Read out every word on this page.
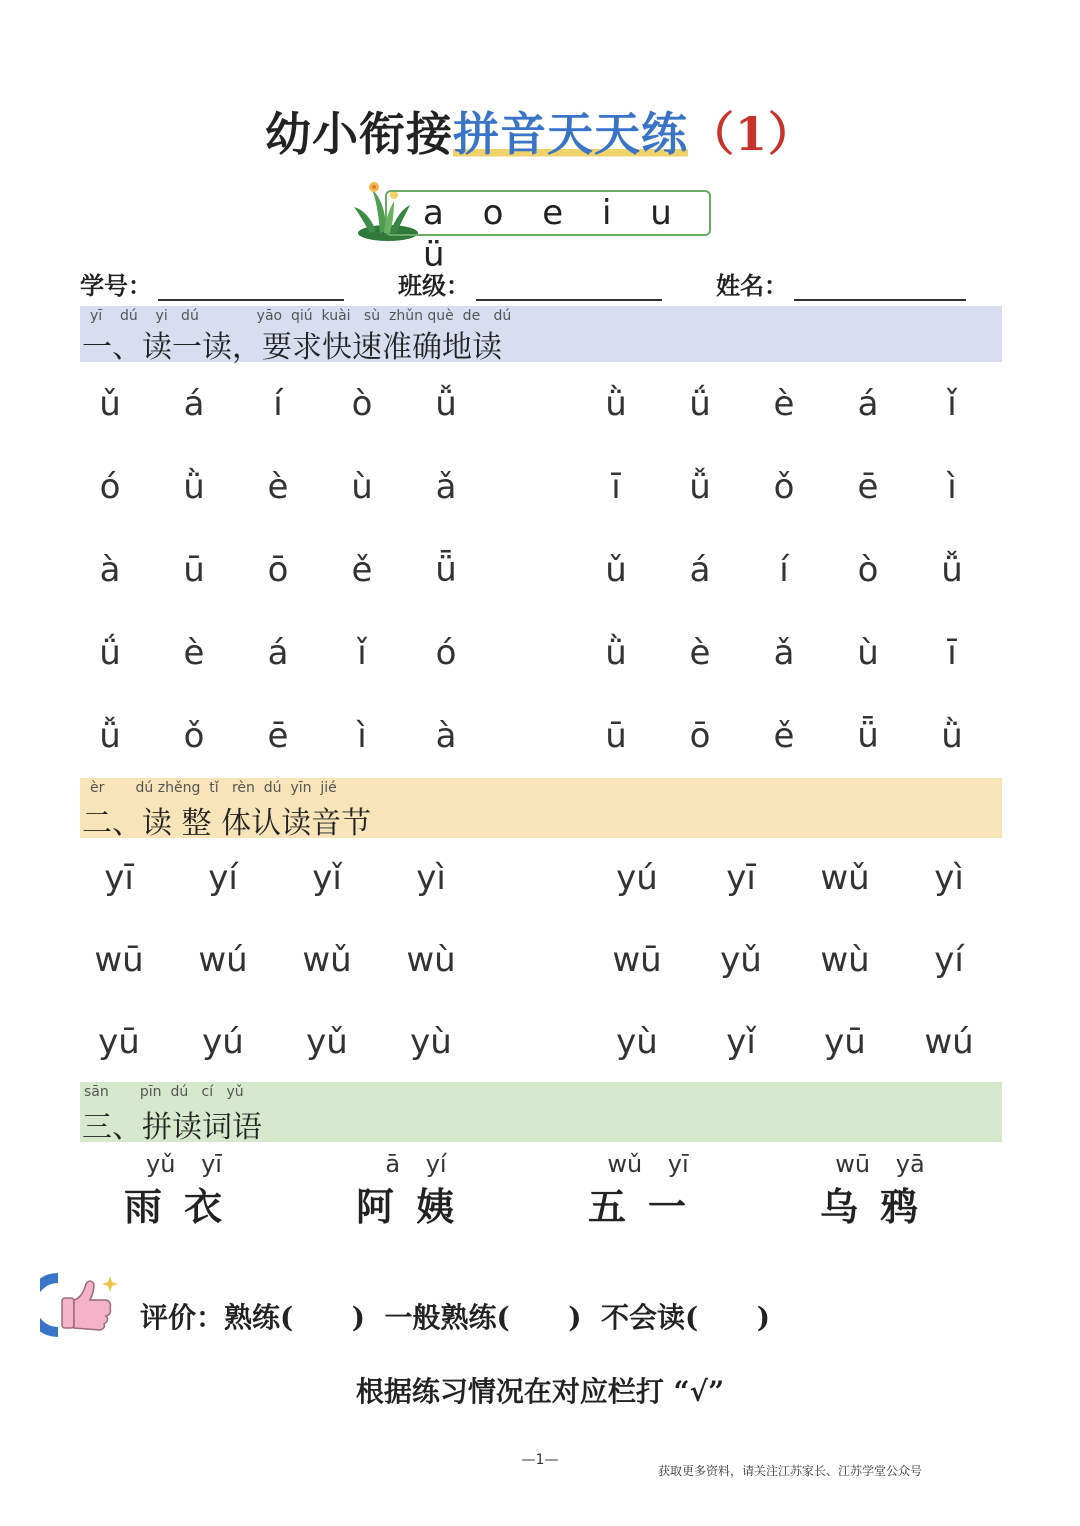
幼小衔接拼音天天练（1）
a o e i u ü
学号：	班级：	姓名：
yī    dú    yi   dú             yāo  qiú  kuài   sù  zhǔn què  de   dú
一、读一读，要求快速准确地读
ǔ	á	í	ò	ǚ	ǜ	ǘ	è	á	ǐ
ó	ǜ	è	ù	ǎ	ī	ǚ	ǒ	ē	ì
à	ū	ō	ě	ǖ	ǔ	á	í	ò	ǚ
ǘ	è	á	ǐ	ó	ǜ	è	ǎ	ù	ī
ǚ	ǒ	ē	ì	à	ū	ō	ě	ǖ	ǜ
èr       dú zhěng  tǐ   rèn  dú  yīn  jié
二、读 整 体认读音节
yī	yí	yǐ	yì	yú	yī	wǔ	yì
wū	wú	wǔ	wù	wū	yǔ	wù	yí
yū	yú	yǔ	yù	yù	yǐ	yū	wú
sān       pīn  dú   cí   yǔ
三、拼读词语
yǔ yī
雨衣
ā yí
阿姨
wǔ yī
五一
wū yā
乌鸦
评价：熟练(      )  一般熟练(      )  不会读(      )
根据练习情况在对应栏打 “√”
—1—
获取更多资料，请关注江苏家长、江苏学堂公众号
